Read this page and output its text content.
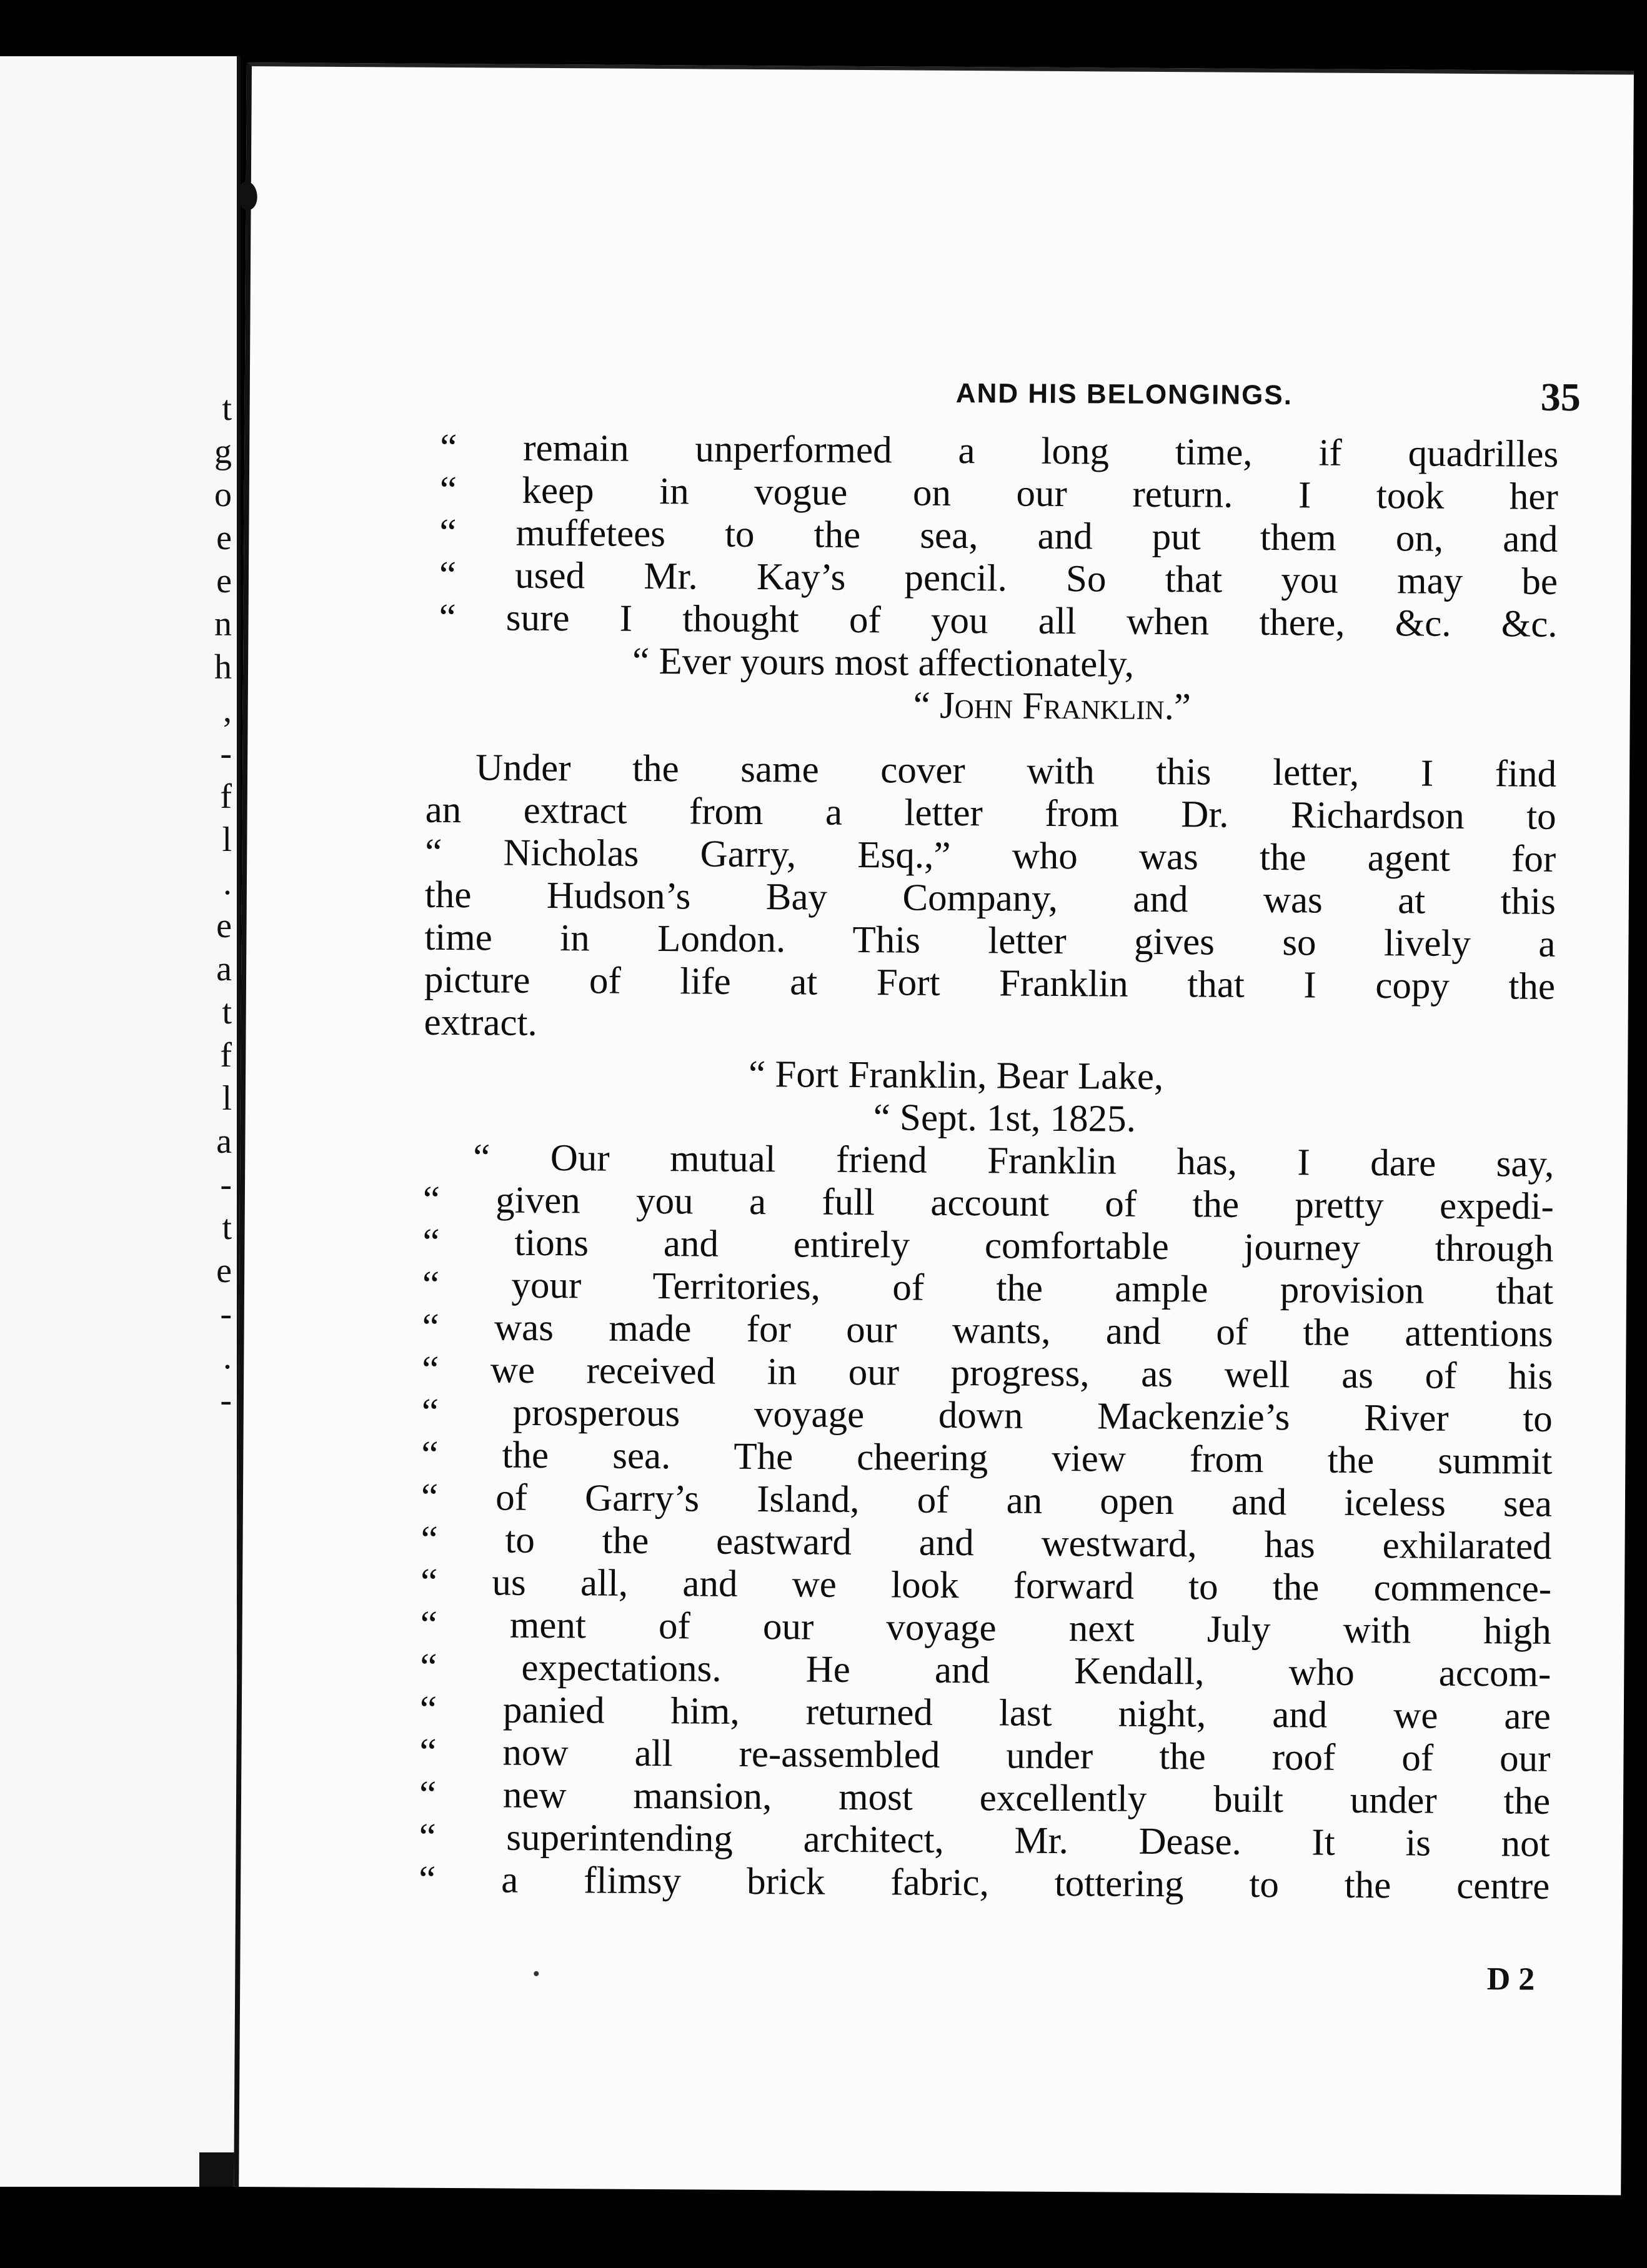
t
g
o
e
e
n
h
,
-
f
l
.
e
a
t
f
l
a
-
t
e
-
.
-
AND HIS BELONGINGS.	35
“ remain unperformed a long time, if quadrilles
“ keep in vogue on our return. I took her
“ muffetees to the sea, and put them on, and
“ used Mr. Kay’s pencil. So that you may be
“ sure I thought of you all when there, &c. &c.
“ Ever yours most affectionately,
“ John Franklin.”
Under the same cover with this letter, I find
an extract from a letter from Dr. Richardson to
“ Nicholas Garry, Esq.,” who was the agent for
the Hudson’s Bay Company, and was at this
time in London. This letter gives so lively a
picture of life at Fort Franklin that I copy the
extract.
“ Fort Franklin, Bear Lake,
“ Sept. 1st, 1825.
“ Our mutual friend Franklin has, I dare say,
“ given you a full account of the pretty expedi-
“ tions and entirely comfortable journey through
“ your Territories, of the ample provision that
“ was made for our wants, and of the attentions
“ we received in our progress, as well as of his
“ prosperous voyage down Mackenzie’s River to
“ the sea. The cheering view from the summit
“ of Garry’s Island, of an open and iceless sea
“ to the eastward and westward, has exhilarated
“ us all, and we look forward to the commence-
“ ment of our voyage next July with high
“ expectations. He and Kendall, who accom-
“ panied him, returned last night, and we are
“ now all re-assembled under the roof of our
“ new mansion, most excellently built under the
“ superintending architect, Mr. Dease. It is not
“ a flimsy brick fabric, tottering to the centre
D 2
